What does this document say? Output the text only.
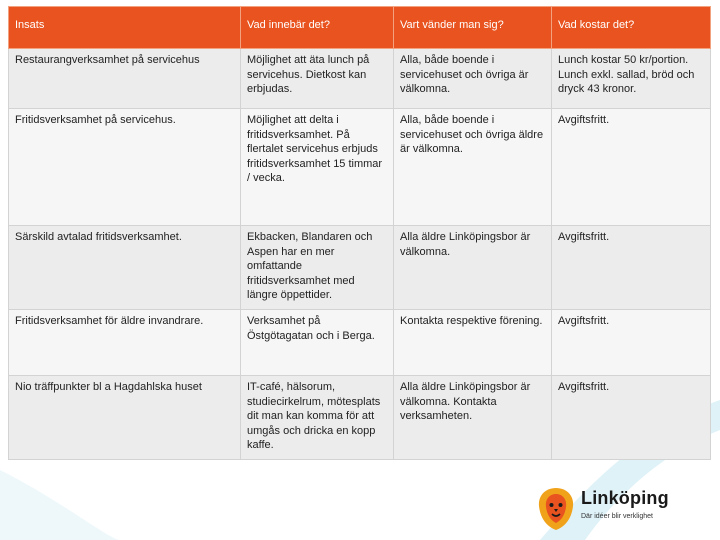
Insats	Vad innebär det?	Vart vänder man sig?	Vad kostar det?
Restaurangverksamhet på servicehus	Möjlighet att äta lunch på servicehus. Dietkost kan erbjudas.	Alla, både boende i servicehuset och övriga är välkomna.	Lunch kostar 50 kr/portion. Lunch exkl. sallad, bröd och dryck 43 kronor.
Fritidsverksamhet på servicehus.	Möjlighet att delta i fritidsverksamhet. På flertalet servicehus erbjuds fritidsverksamhet 15 timmar / vecka.	Alla, både boende i servicehuset och övriga äldre är välkomna.	Avgiftsfritt.
Särskild avtalad fritidsverksamhet.	Ekbacken, Blandaren och Aspen har en mer omfattande fritidsverksamhet med längre öppettider.	Alla äldre Linköpingsbor är välkomna.	Avgiftsfritt.
Fritidsverksamhet för äldre invandrare.	Verksamhet på Östgötagatan och i Berga.	Kontakta respektive förening.	Avgiftsfritt.
Nio träffpunkter bl a Hagdahlska huset	IT-café, hälsorum, studiecirkelrum, mötesplats dit man kan komma för att umgås och dricka en kopp kaffe.	Alla äldre Linköpingsbor är välkomna. Kontakta verksamheten.	Avgiftsfritt.
Linköping
Där idéer blir verklighet
